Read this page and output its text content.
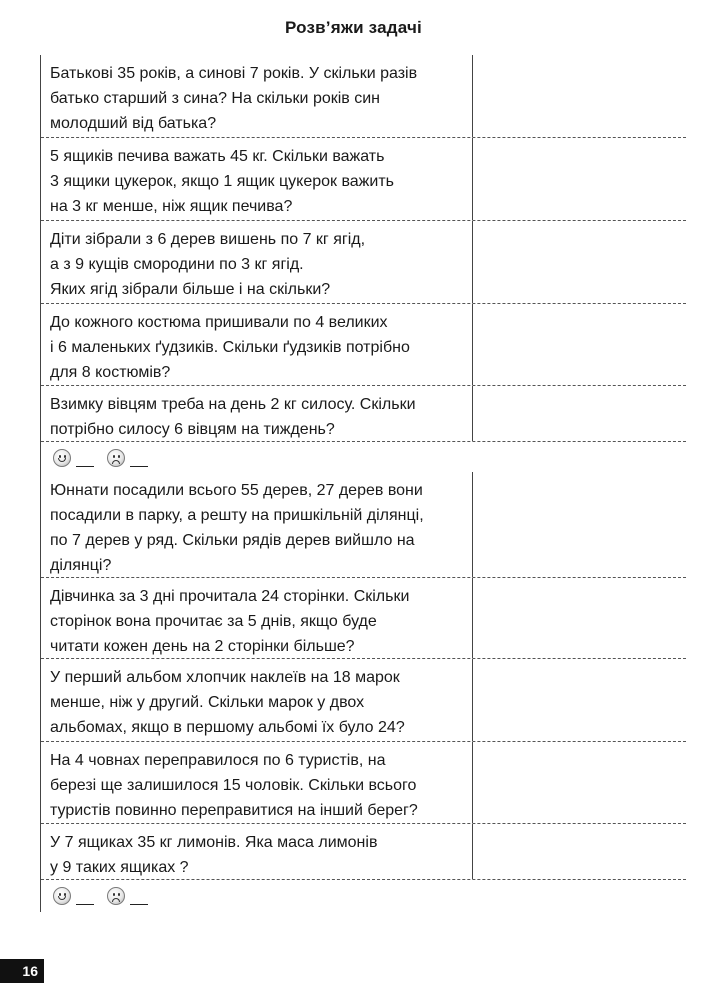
Розв’яжи задачі
Батькові 35 років, а синові 7 років. У скільки разів
батько старший з сина? На скільки років син
молодший від батька?
5 ящиків печива важать 45 кг. Скільки важать
3 ящики цукерок, якщо 1 ящик цукерок важить
на 3 кг менше, ніж ящик печива?
Діти зібрали з 6 дерев вишень по 7 кг ягід,
а з 9 кущів смородини по 3 кг ягід.
Яких ягід зібрали більше і на скільки?
До кожного костюма пришивали по 4 великих
і 6 маленьких ґудзиків. Скільки ґудзиків потрібно
для 8 костюмів?
Взимку вівцям треба на день 2 кг силосу. Скільки
потрібно силосу 6 вівцям на тиждень?
Юннати посадили всього 55 дерев, 27 дерев вони
посадили в парку, а решту на пришкільній ділянці,
по 7 дерев у ряд. Скільки рядів дерев вийшло на
ділянці?
Дівчинка за 3 дні прочитала 24 сторінки. Скільки
сторінок вона прочитає за 5 днів, якщо буде
читати кожен день на 2 сторінки більше?
У перший альбом хлопчик наклеїв на 18 марок
менше, ніж у другий. Скільки марок у двох
альбомах, якщо в першому альбомі їх було 24?
На 4 човнах переправилося по 6 туристів, на
березі ще залишилося 15 чоловік. Скільки всього
туристів повинно переправитися на інший берег?
У 7 ящиках 35 кг лимонів. Яка маса лимонів
у 9 таких ящиках ?
16
